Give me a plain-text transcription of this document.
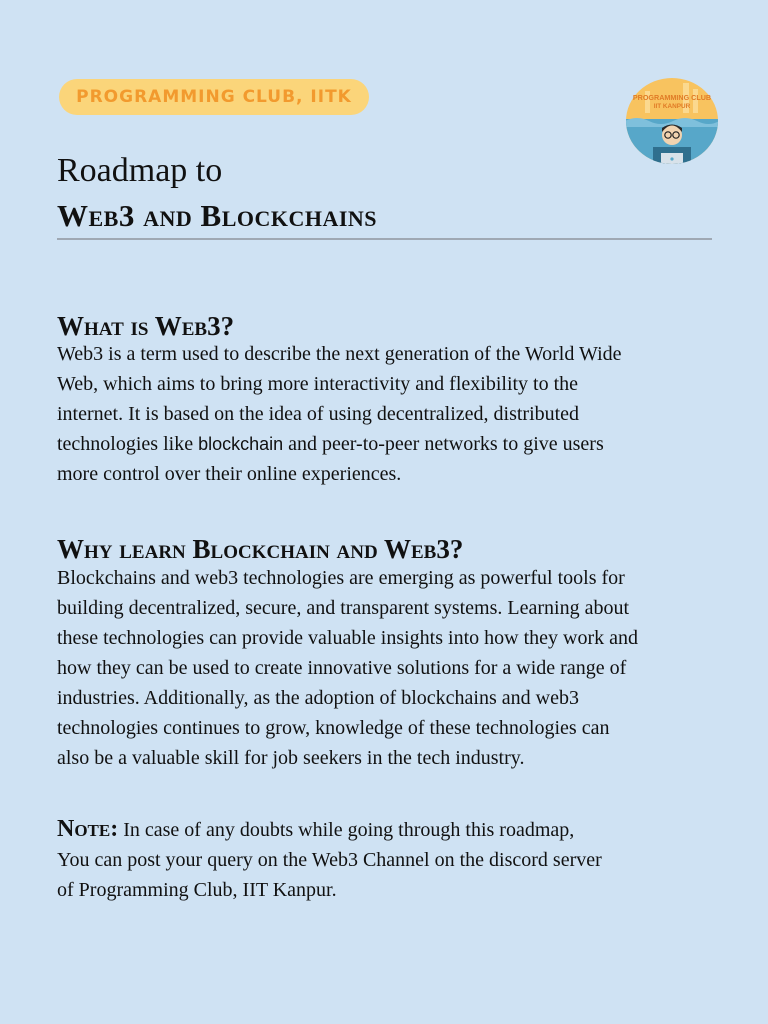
PROGRAMMING CLUB, IITK	PROGRAMMING CLUB
IIT KANPUR
Roadmap to
Web3 and Blockchains
What is Web3?
Web3 is a term used to describe the next generation of the World Wide
Web, which aims to bring more interactivity and flexibility to the
internet. It is based on the idea of using decentralized, distributed
technologies like blockchain and peer-to-peer networks to give users
more control over their online experiences.
Why learn Blockchain and Web3?
Blockchains and web3 technologies are emerging as powerful tools for
building decentralized, secure, and transparent systems. Learning about
these technologies can provide valuable insights into how they work and
how they can be used to create innovative solutions for a wide range of
industries. Additionally, as the adoption of blockchains and web3
technologies continues to grow, knowledge of these technologies can
also be a valuable skill for job seekers in the tech industry.
Note: In case of any doubts while going through this roadmap,
You can post your query on the Web3 Channel on the discord server
of Programming Club, IIT Kanpur.
